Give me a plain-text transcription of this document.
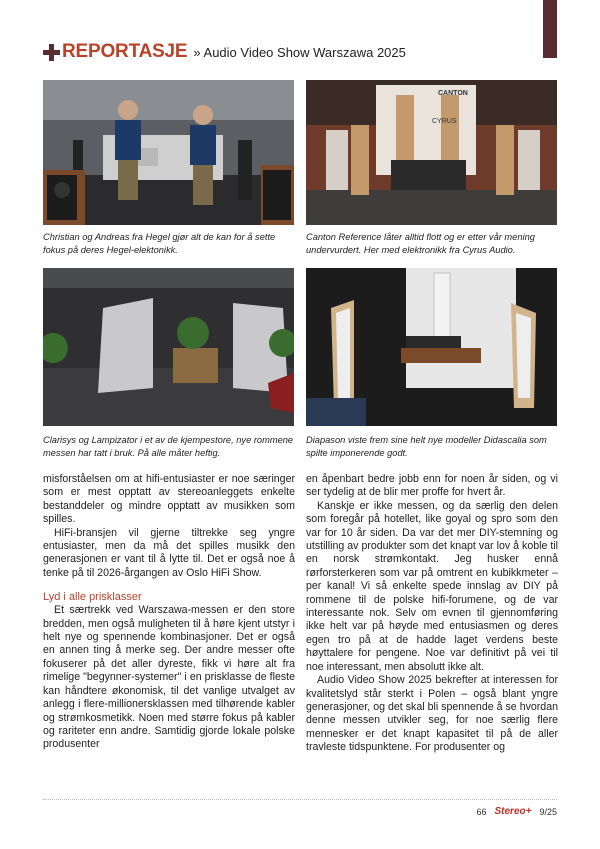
REPORTASJE » Audio Video Show Warszawa 2025
Christian og Andreas fra Hegel gjør alt de kan for å sette fokus på deres Hegel-elektonikk.
CANTON
CYRUS
Canton Reference låter alltid flott og er etter vår mening undervurdert. Her med elektronikk fra Cyrus Audio.
Clarisys og Lampizator i et av de kjempestore, nye rommene messen har tatt i bruk. På alle måter heftig.
Diapason viste frem sine helt nye modeller Didascalia som spilte imponerende godt.

misforståelsen om at hifi-entusiaster er noe særinger som er mest opptatt av stereoanleggets enkelte bestanddeler og mindre opptatt av musikken som spilles.

HiFi-bransjen vil gjerne tiltrekke seg yngre entusiaster, men da må det spilles musikk den generasjonen er vant til å lytte til. Det er også noe å tenke på til 2026-årgangen av Oslo HiFi Show.

Lyd i alle prisklasser

Et særtrekk ved Warszawa-messen er den store bredden, men også muligheten til å høre kjent utstyr i helt nye og spennende kombinasjoner. Det er også en annen ting å merke seg. Der andre messer ofte fokuserer på det aller dyreste, fikk vi høre alt fra rimelige "begynner-systemer" i en prisklasse de fleste kan håndtere økonomisk, til det vanlige utvalget av anlegg i flere-millionersklassen med tilhørende kabler og strømkosmetikk. Noen med større fokus på kabler og rariteter enn andre. Samtidig gjorde lokale polske produsenter

en åpenbart bedre jobb enn for noen år siden, og vi ser tydelig at de blir mer proffe for hvert år.

Kanskje er ikke messen, og da særlig den delen som foregår på hotellet, like goyal og spro som den var for 10 år siden. Da var det mer DIY-stemning og utstilling av produkter som det knapt var lov å koble til en norsk strømkontakt. Jeg husker ennå rørforsterkeren som var på omtrent en kubikkmeter – per kanal! Vi så enkelte spede innslag av DIY på rommene til de polske hifi-forumene, og de var interessante nok. Selv om evnen til gjennomføring ikke helt var på høyde med entusiasmen og deres egen tro på at de hadde laget verdens beste høyttalere for pengene. Noe var definitivt på vei til noe interessant, men absolutt ikke alt.

Audio Video Show 2025 bekrefter at interessen for kvalitetslyd står sterkt i Polen – også blant yngre generasjoner, og det skal bli spennende å se hvordan denne messen utvikler seg, for noe særlig flere mennesker er det knapt kapasitet til på de aller travleste tidspunktene. For produsenter og

66 Stereo+ 9/25
